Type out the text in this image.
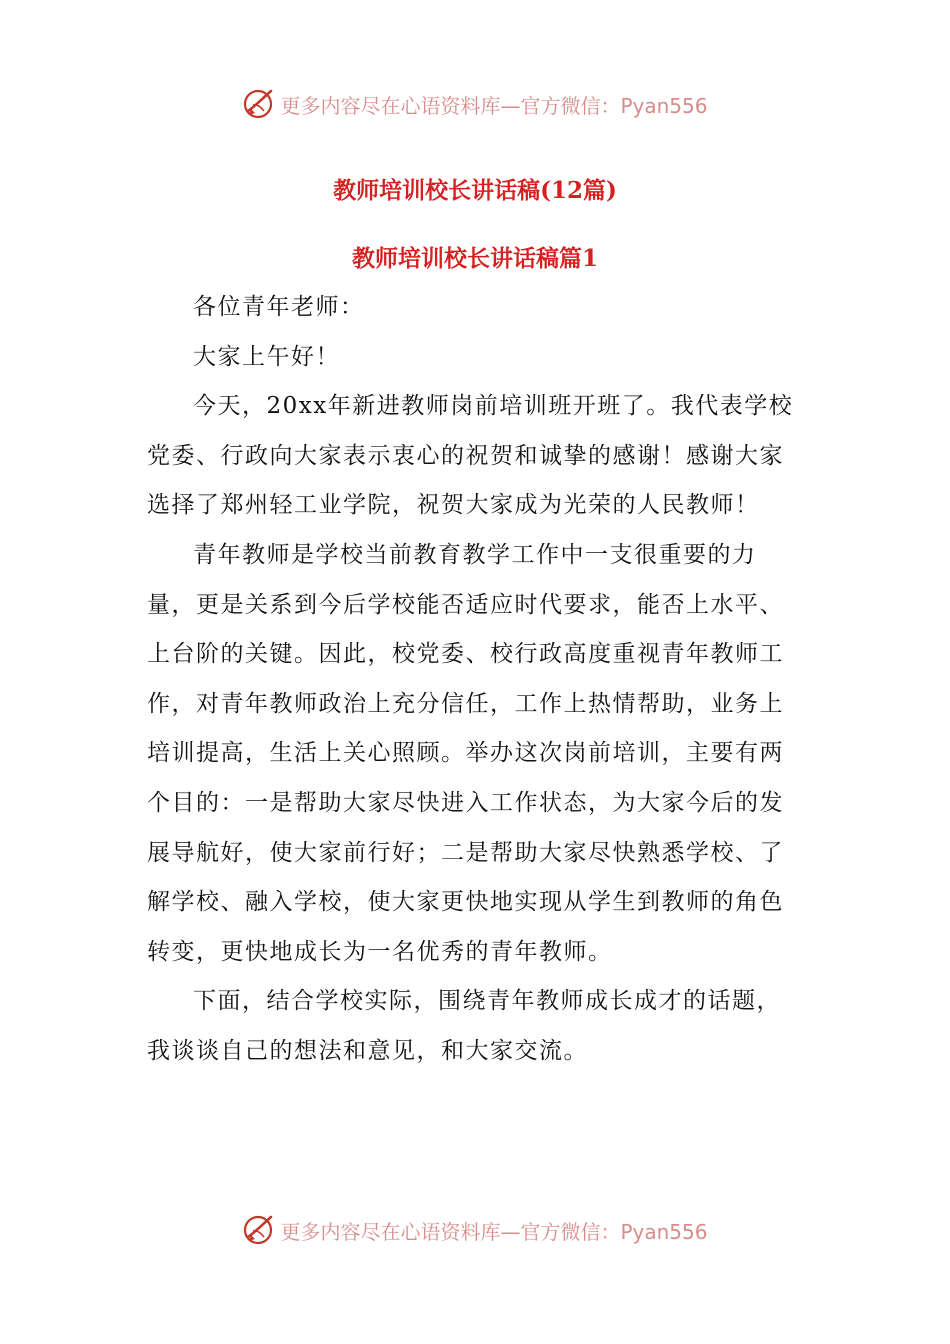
更多内容尽在心语资料库—官方微信：Pyan556
教师培训校长讲话稿(12篇)
教师培训校长讲话稿篇1

各位青年老师：

大家上午好！

今天，20xx年新进教师岗前培训班开班了。我代表学校党委、行政向大家表示衷心的祝贺和诚挚的感谢！感谢大家选择了郑州轻工业学院，祝贺大家成为光荣的人民教师！

青年教师是学校当前教育教学工作中一支很重要的力量，更是关系到今后学校能否适应时代要求，能否上水平、上台阶的关键。因此，校党委、校行政高度重视青年教师工作，对青年教师政治上充分信任，工作上热情帮助，业务上培训提高，生活上关心照顾。举办这次岗前培训，主要有两个目的：一是帮助大家尽快进入工作状态，为大家今后的发展导航好，使大家前行好；二是帮助大家尽快熟悉学校、了解学校、融入学校，使大家更快地实现从学生到教师的角色转变，更快地成长为一名优秀的青年教师。

下面，结合学校实际，围绕青年教师成长成才的话题，我谈谈自己的想法和意见，和大家交流。

更多内容尽在心语资料库—官方微信：Pyan556
